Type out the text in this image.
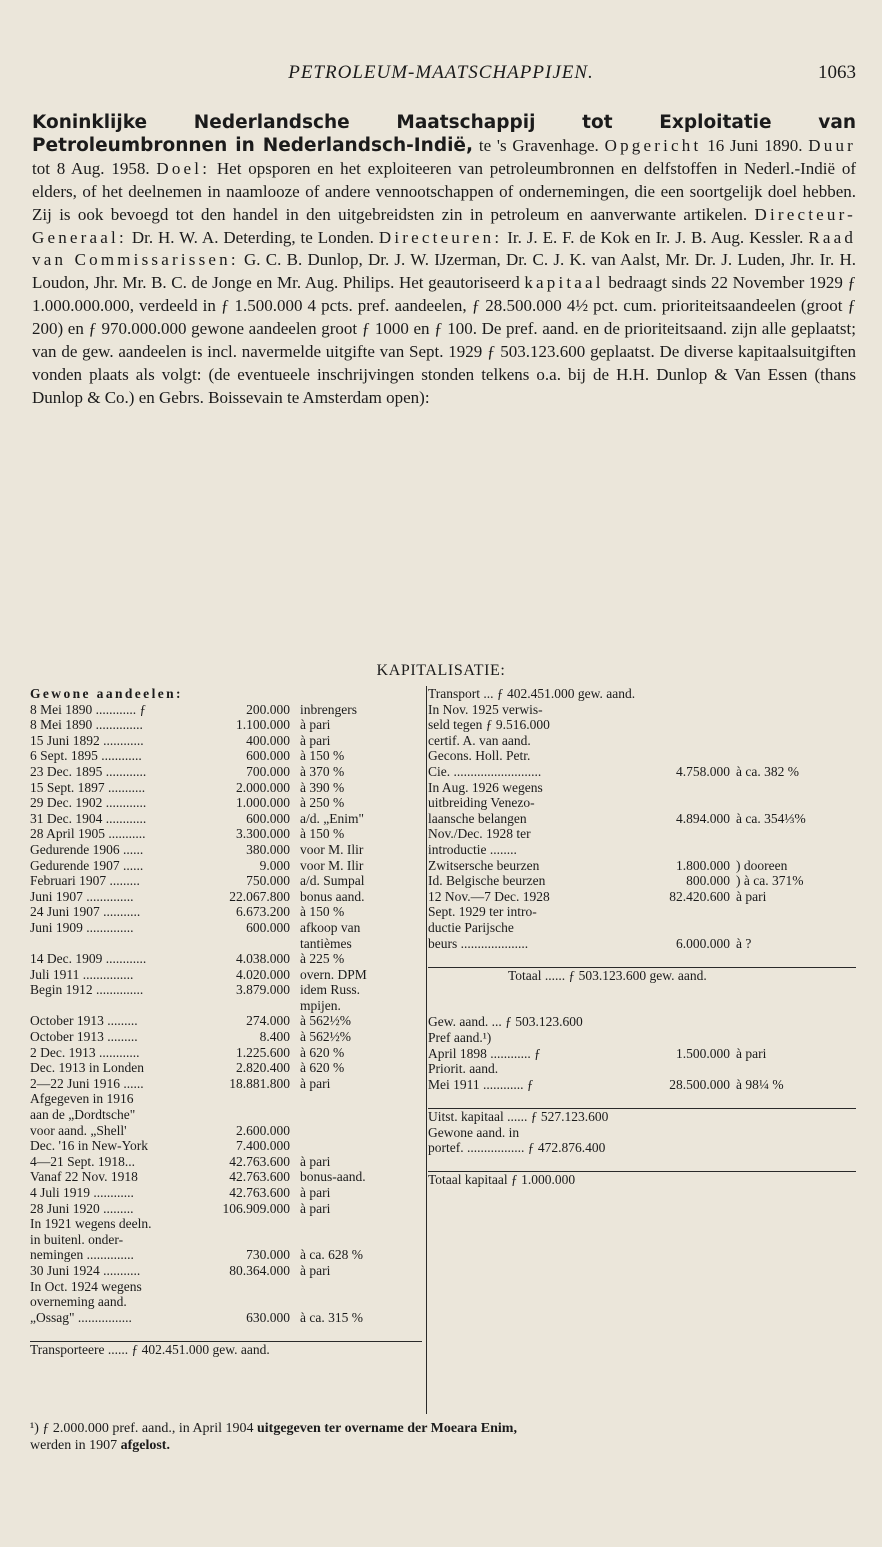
PETROLEUM-MAATSCHAPPIJEN.	1063

Koninklijke Nederlandsche Maatschappij tot Exploitatie van Petroleumbronnen in Nederlandsch-Indië, te 's Gravenhage. Opgericht 16 Juni 1890. Duur tot 8 Aug. 1958. Doel: Het opsporen en het exploiteeren van petroleumbronnen en delfstoffen in Nederl.-Indië of elders, of het deelnemen in naamlooze of andere vennootschappen of ondernemingen, die een soortgelijk doel hebben. Zij is ook bevoegd tot den handel in den uitgebreidsten zin in petroleum en aanverwante artikelen. Directeur-Generaal: Dr. H. W. A. Deterding, te Londen. Directeuren: Ir. J. E. F. de Kok en Ir. J. B. Aug. Kessler. Raad van Commissarissen: G. C. B. Dunlop, Dr. J. W. IJzerman, Dr. C. J. K. van Aalst, Mr. Dr. J. Luden, Jhr. Ir. H. Loudon, Jhr. Mr. B. C. de Jonge en Mr. Aug. Philips. Het geautoriseerd kapitaal bedraagt sinds 22 November 1929 ƒ 1.000.000.000, verdeeld in ƒ 1.500.000 4 pcts. pref. aandeelen, ƒ 28.500.000 4½ pct. cum. prioriteitsaandeelen (groot ƒ 200) en ƒ 970.000.000 gewone aandeelen groot ƒ 1000 en ƒ 100. De pref. aand. en de prioriteitsaand. zijn alle geplaatst; van de gew. aandeelen is incl. navermelde uitgifte van Sept. 1929 ƒ 503.123.600 geplaatst. De diverse kapitaalsuitgiften vonden plaats als volgt: (de eventueele inschrijvingen stonden telkens o.a. bij de H.H. Dunlop & Van Essen (thans Dunlop & Co.) en Gebrs. Boissevain te Amsterdam open):

KAPITALISATIE:
Gewone aandeelen:
8 Mei 1890 ............ ƒ	200.000 inbrengers
8 Mei 1890 ..............	1.100.000 à pari
15 Juni 1892 ............	400.000 à pari
6 Sept. 1895 ............	600.000 à 150 %
23 Dec. 1895 ............	700.000 à 370 %
15 Sept. 1897 ...........	2.000.000 à 390 %
29 Dec. 1902 ............	1.000.000 à 250 %
31 Dec. 1904 ............	600.000 a/d. „Enim"
28 April 1905 ...........	3.300.000 à 150 %
Gedurende 1906 ......	380.000 voor M. Ilir
Gedurende 1907 ......	9.000 voor M. Ilir
Februari 1907 .........	750.000 a/d. Sumpal
Juni 1907 ..............	22.067.800 bonus aand.
24 Juni 1907 ...........	6.673.200 à 150 %
Juni 1909 ..............	600.000 afkoop van
tantièmes
14 Dec. 1909 ............	4.038.000 à 225 %
Juli 1911 ...............	4.020.000 overn. DPM
Begin 1912 ..............	3.879.000 idem Russ.
mpijen.
October 1913 .........	274.000 à 562½%
October 1913 .........	8.400 à 562½%
2 Dec. 1913 ............	1.225.600 à 620 %
Dec. 1913 in Londen	2.820.400 à 620 %
2—22 Juni 1916 ......	18.881.800 à pari
Afgegeven in 1916
aan de „Dordtsche"
voor aand. „Shell'	2.600.000
Dec. '16 in New-York	7.400.000
4—21 Sept. 1918...	42.763.600 à pari
Vanaf 22 Nov. 1918	42.763.600 bonus-aand.
4 Juli 1919 ............	42.763.600 à pari
28 Juni 1920 .........	106.909.000 à pari
In 1921 wegens deeln.
in buitenl. onder-
nemingen ..............	730.000 à ca. 628 %
30 Juni 1924 ...........	80.364.000 à pari
In Oct. 1924 wegens
overneming aand.
„Ossag" ................	630.000 à ca. 315 %
Transporteere ...... ƒ 402.451.000 gew. aand.
Transport ... ƒ 402.451.000 gew. aand.
In Nov. 1925 verwis-
seld tegen ƒ 9.516.000
certif. A. van aand.
Gecons. Holl. Petr.
Cie. ..........................	4.758.000 à ca. 382 %
In Aug. 1926 wegens
uitbreiding Venezo-
laansche belangen	4.894.000 à ca. 354⅓%
Nov./Dec. 1928 ter
introductie ........
Zwitsersche beurzen	1.800.000 ) dooreen
Id. Belgische beurzen	800.000 ) à ca. 371%
12 Nov.—7 Dec. 1928	82.420.600 à pari
Sept. 1929 ter intro-
ductie Parijsche
beurs ....................	6.000.000 à ?
Totaal ...... ƒ 503.123.600 gew. aand.
Gew. aand. ... ƒ 503.123.600
Pref aand.¹)
April 1898 ............ ƒ	1.500.000 à pari
Priorit. aand.
Mei 1911 ............ ƒ	28.500.000 à 98¼ %
Uitst. kapitaal ...... ƒ 527.123.600
Gewone aand. in
portef. ................. ƒ 472.876.400
Totaal kapitaal ƒ 1.000.000
¹) ƒ 2.000.000 pref. aand., in April 1904 uitgegeven ter overname der Moeara Enim,
werden in 1907 afgelost.
